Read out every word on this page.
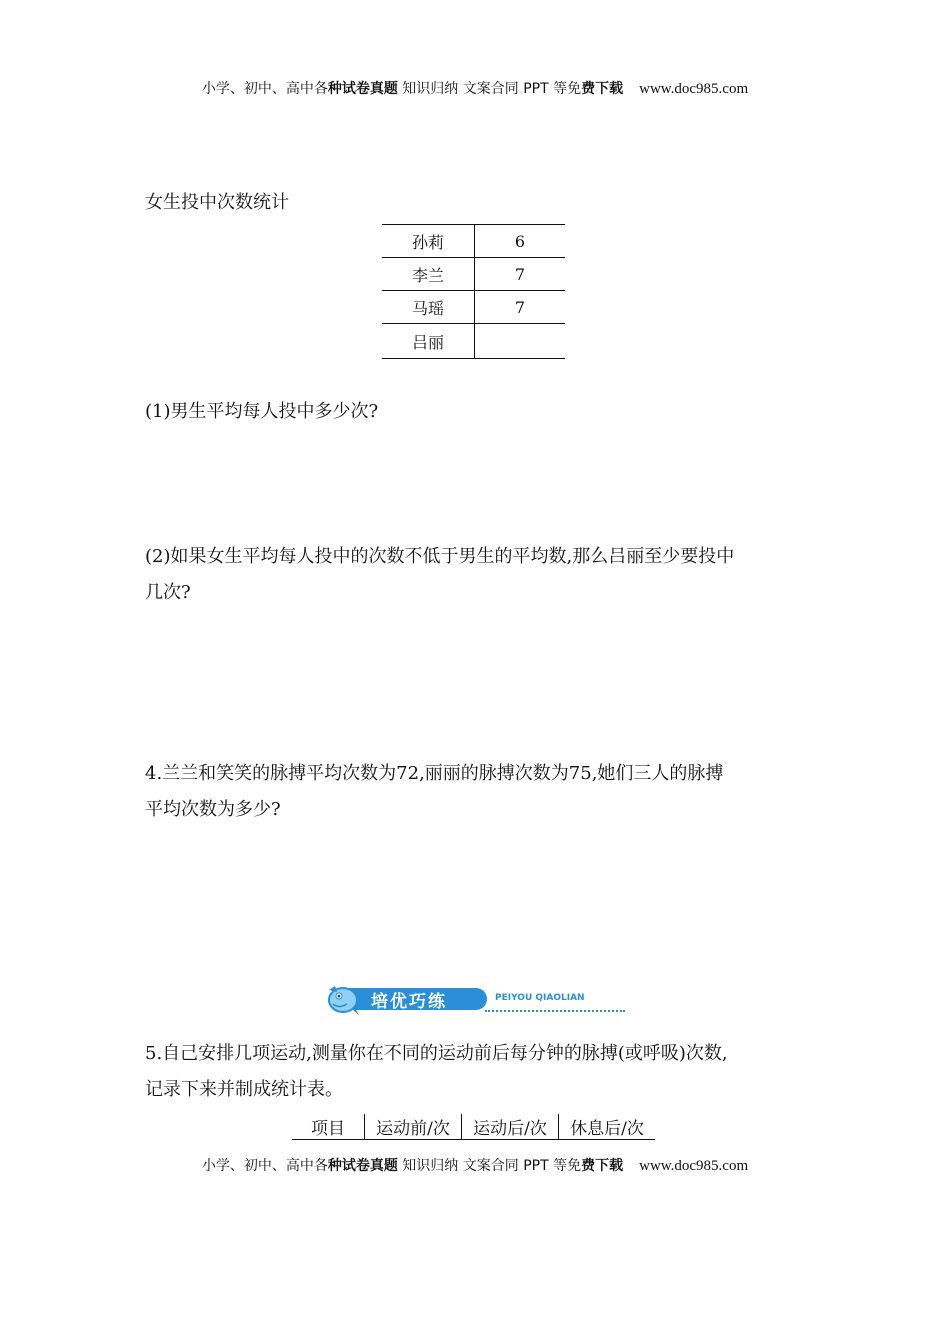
小学、初中、高中各种试卷真题 知识归纳 文案合同 PPT 等免费下载 www.doc985.com
女生投中次数统计
孙莉	6
李兰	7
马瑶	7
吕丽	
(1)男生平均每人投中多少次?
(2)如果女生平均每人投中的次数不低于男生的平均数,那么吕丽至少要投中
几次?
4.兰兰和笑笑的脉搏平均次数为72,丽丽的脉搏次数为75,她们三人的脉搏
平均次数为多少?
培优巧练	PEIYOU QIAOLIAN
5.自己安排几项运动,测量你在不同的运动前后每分钟的脉搏(或呼吸)次数,
记录下来并制成统计表。
项目	运动前/次	运动后/次	休息后/次
小学、初中、高中各种试卷真题 知识归纳 文案合同 PPT 等免费下载 www.doc985.com
